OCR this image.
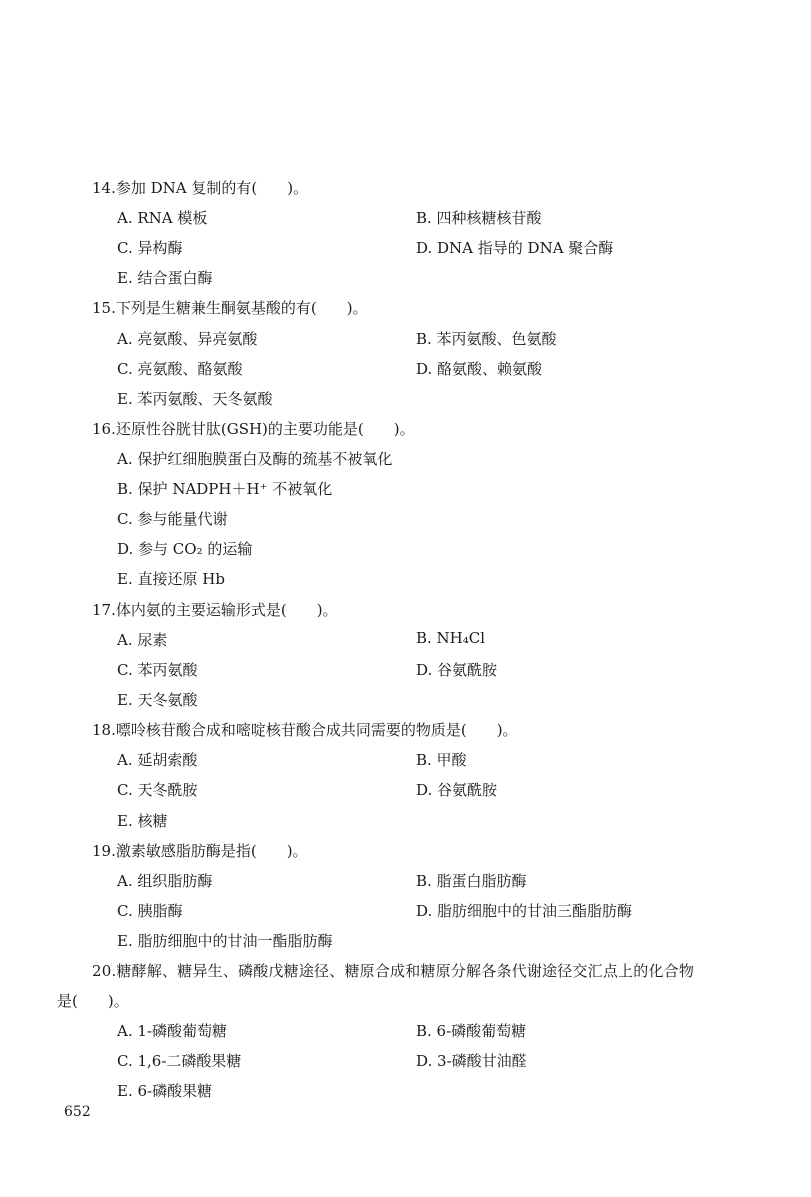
14.参加 DNA 复制的有(　　)。
A. RNA 模板	B. 四种核糖核苷酸
C. 异构酶	D. DNA 指导的 DNA 聚合酶
E. 结合蛋白酶
15.下列是生糖兼生酮氨基酸的有(　　)。
A. 亮氨酸、异亮氨酸	B. 苯丙氨酸、色氨酸
C. 亮氨酸、酪氨酸	D. 酪氨酸、赖氨酸
E. 苯丙氨酸、天冬氨酸
16.还原性谷胱甘肽(GSH)的主要功能是(　　)。
A. 保护红细胞膜蛋白及酶的巯基不被氧化
B. 保护 NADPH＋H⁺ 不被氧化
C. 参与能量代谢
D. 参与 CO₂ 的运输
E. 直接还原 Hb
17.体内氨的主要运输形式是(　　)。
A. 尿素	B. NH₄Cl
C. 苯丙氨酸	D. 谷氨酰胺
E. 天冬氨酸
18.嘌呤核苷酸合成和嘧啶核苷酸合成共同需要的物质是(　　)。
A. 延胡索酸	B. 甲酸
C. 天冬酰胺	D. 谷氨酰胺
E. 核糖
19.激素敏感脂肪酶是指(　　)。
A. 组织脂肪酶	B. 脂蛋白脂肪酶
C. 胰脂酶	D. 脂肪细胞中的甘油三酯脂肪酶
E. 脂肪细胞中的甘油一酯脂肪酶
20.糖酵解、糖异生、磷酸戊糖途径、糖原合成和糖原分解各条代谢途径交汇点上的化合物
是(　　)。
A. 1-磷酸葡萄糖	B. 6-磷酸葡萄糖
C. 1,6-二磷酸果糖	D. 3-磷酸甘油醛
E. 6-磷酸果糖
652
